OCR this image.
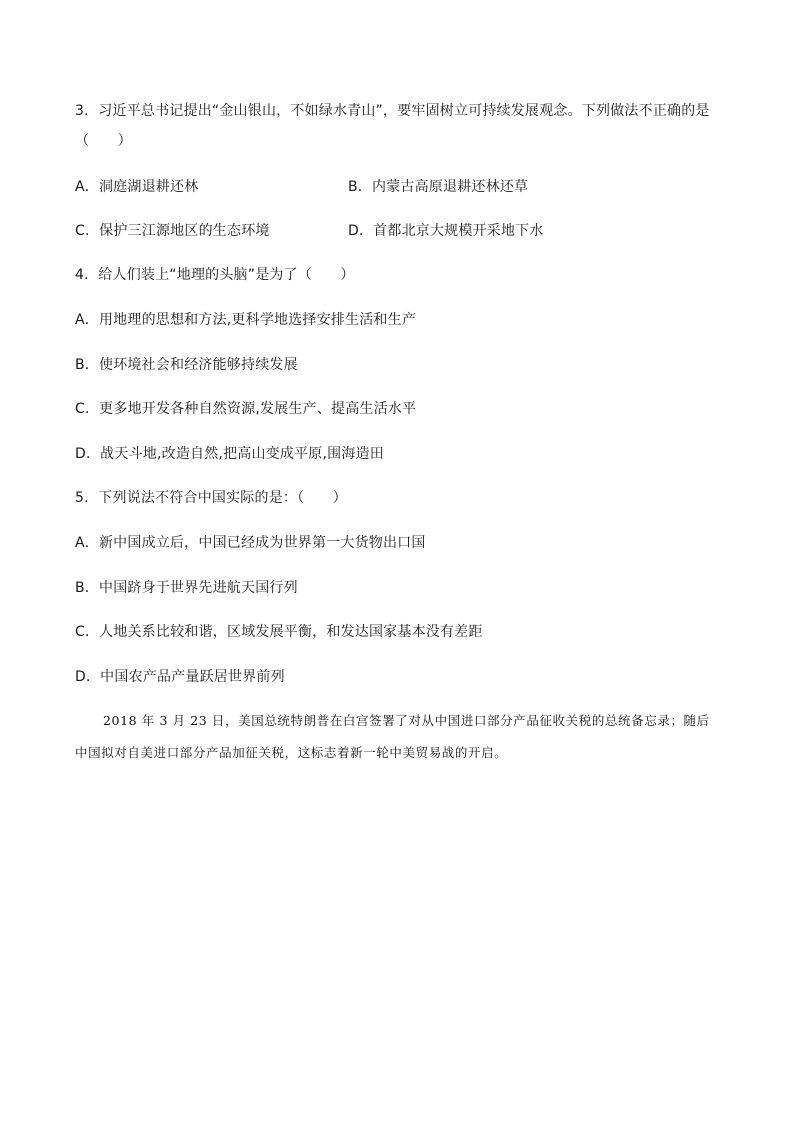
3．习近平总书记提出“金山银山，不如绿水青山”，要牢固树立可持续发展观念。下列做法不正确的是
（　　）
A．洞庭湖退耕还林	B．内蒙古高原退耕还林还草
C．保护三江源地区的生态环境	D．首都北京大规模开采地下水
4．给人们装上“地理的头脑”是为了（　　）
A．用地理的思想和方法,更科学地选择安排生活和生产
B．使环境社会和经济能够持续发展
C．更多地开发各种自然资源,发展生产、提高生活水平
D．战天斗地,改造自然,把高山变成平原,围海造田
5．下列说法不符合中国实际的是：（　　）
A．新中国成立后，中国已经成为世界第一大货物出口国
B．中国跻身于世界先进航天国行列
C．人地关系比较和谐，区域发展平衡，和发达国家基本没有差距
D．中国农产品产量跃居世界前列
2018 年 3 月 23 日，美国总统特朗普在白宫签署了对从中国进口部分产品征收关税的总统备忘录；随后
中国拟对自美进口部分产品加征关税，这标志着新一轮中美贸易战的开启。
